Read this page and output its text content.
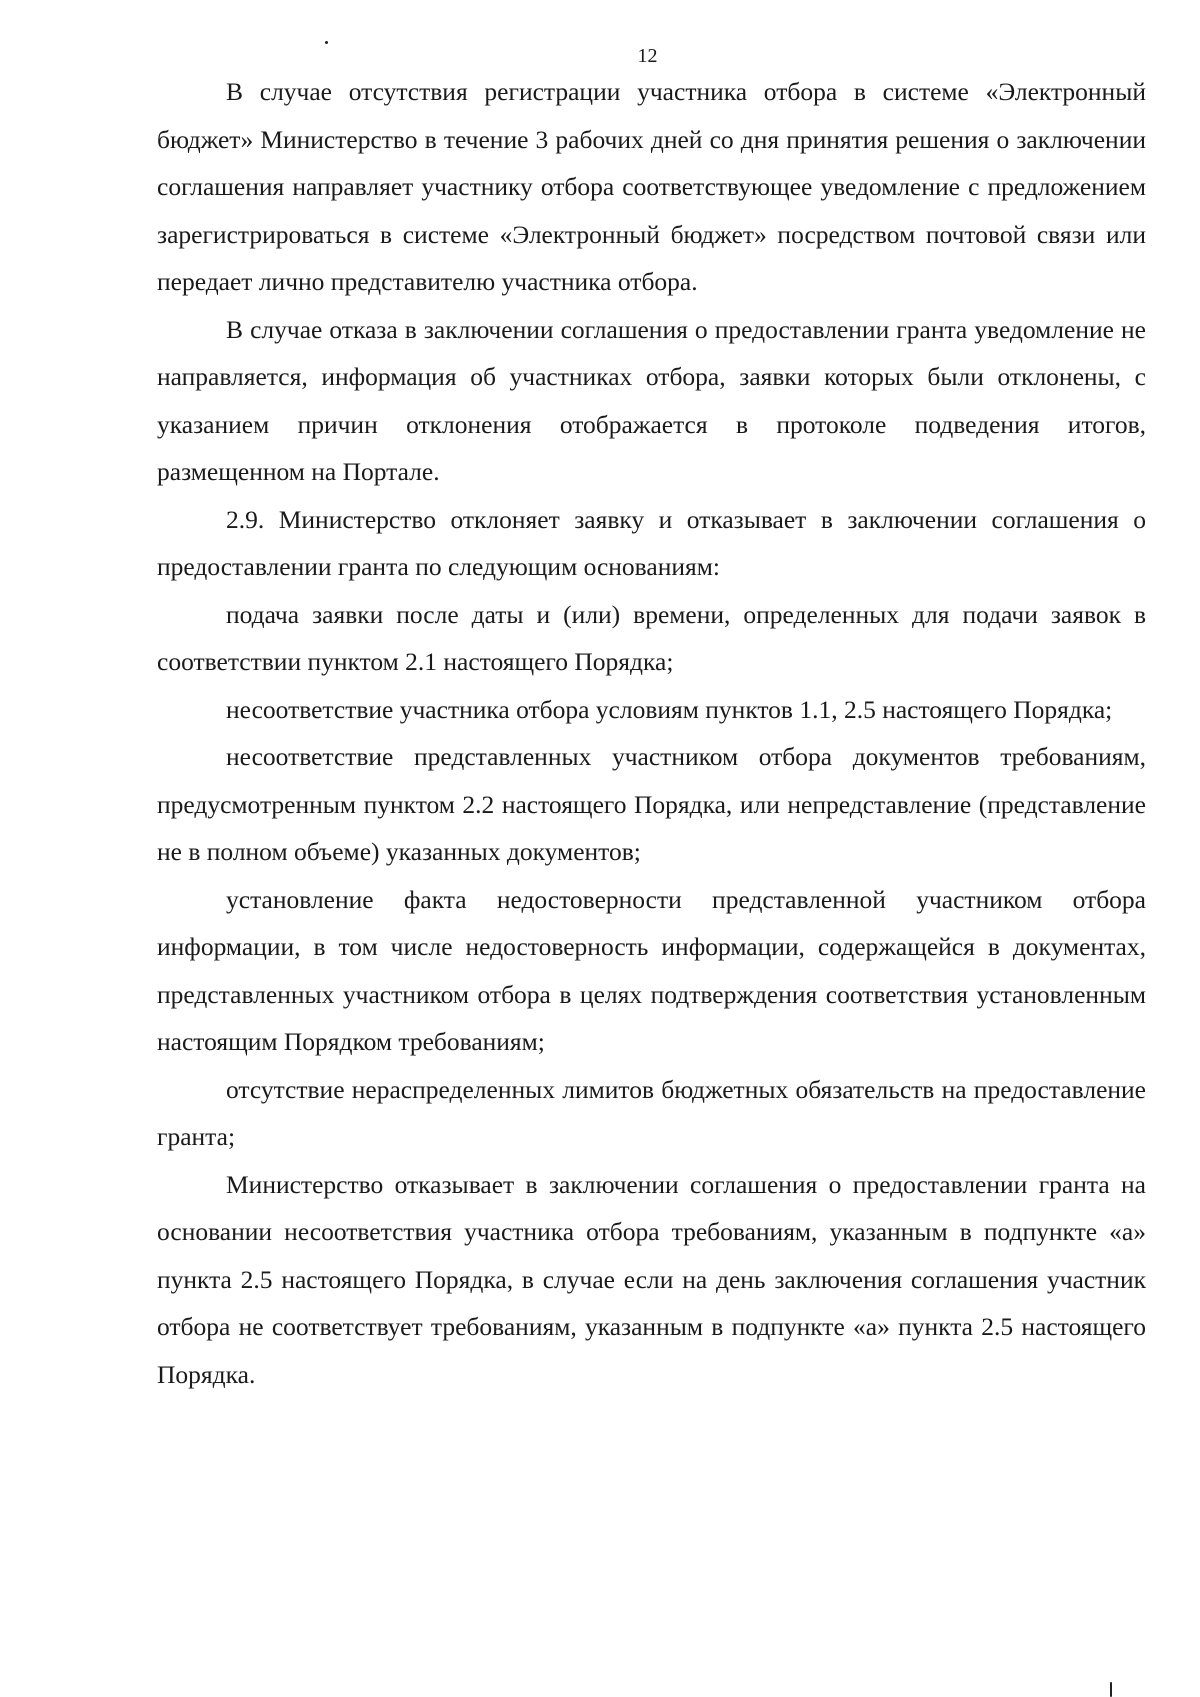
12

В случае отсутствия регистрации участника отбора в системе «Электронный бюджет» Министерство в течение 3 рабочих дней со дня принятия решения о заключении соглашения направляет участнику отбора соответствующее уведомление с предложением зарегистрироваться в системе «Электронный бюджет» посредством почтовой связи или передает лично представителю участника отбора.

В случае отказа в заключении соглашения о предоставлении гранта уведомление не направляется, информация об участниках отбора, заявки которых были отклонены, с указанием причин отклонения отображается в протоколе подведения итогов, размещенном на Портале.

2.9. Министерство отклоняет заявку и отказывает в заключении соглашения о предоставлении гранта по следующим основаниям:

подача заявки после даты и (или) времени, определенных для подачи заявок в соответствии пунктом 2.1 настоящего Порядка;

несоответствие участника отбора условиям пунктов 1.1, 2.5 настоящего Порядка;

несоответствие представленных участником отбора документов требованиям, предусмотренным пунктом 2.2 настоящего Порядка, или непредставление (представление не в полном объеме) указанных документов;

установление факта недостоверности представленной участником отбора информации, в том числе недостоверность информации, содержащейся в документах, представленных участником отбора в целях подтверждения соответствия установленным настоящим Порядком требованиям;

отсутствие нераспределенных лимитов бюджетных обязательств на предоставление гранта;

Министерство отказывает в заключении соглашения о предоставлении гранта на основании несоответствия участника отбора требованиям, указанным в подпункте «а» пункта 2.5 настоящего Порядка, в случае если на день заключения соглашения участник отбора не соответствует требованиям, указанным в подпункте «а» пункта 2.5 настоящего Порядка.
